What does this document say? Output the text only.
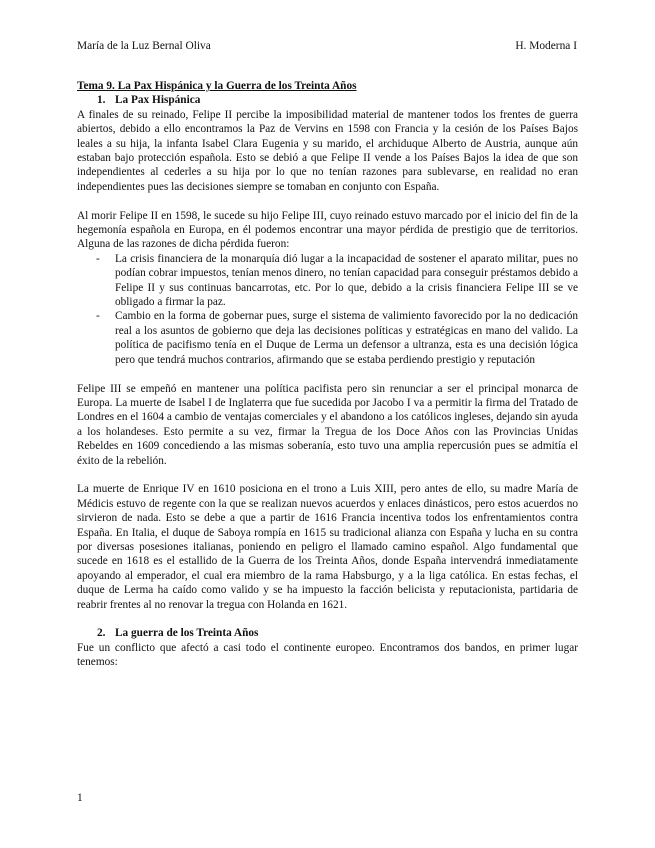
María de la Luz Bernal Oliva	H. Moderna I

Tema 9. La Pax Hispánica y la Guerra de los Treinta Años

1. La Pax Hispánica

A finales de su reinado, Felipe II percibe la imposibilidad material de mantener todos los frentes de guerra abiertos, debido a ello encontramos la Paz de Vervins en 1598 con Francia y la cesión de los Países Bajos leales a su hija, la infanta Isabel Clara Eugenia y su marido, el archiduque Alberto de Austria, aunque aún estaban bajo protección española. Esto se debió a que Felipe II vende a los Países Bajos la idea de que son independientes al cederles a su hija por lo que no tenían razones para sublevarse, en realidad no eran independientes pues las decisiones siempre se tomaban en conjunto con España.

Al morir Felipe II en 1598, le sucede su hijo Felipe III, cuyo reinado estuvo marcado por el inicio del fin de la hegemonía española en Europa, en él podemos encontrar una mayor pérdida de prestigio que de territorios. Alguna de las razones de dicha pérdida fueron:

-	La crisis financiera de la monarquía dió lugar a la incapacidad de sostener el aparato militar, pues no podían cobrar impuestos, tenían menos dinero, no tenían capacidad para conseguir préstamos debido a Felipe II y sus continuas bancarrotas, etc. Por lo que, debido a la crisis financiera Felipe III se ve obligado a firmar la paz.
-	Cambio en la forma de gobernar pues, surge el sistema de valimiento favorecido por la no dedicación real a los asuntos de gobierno que deja las decisiones políticas y estratégicas en mano del valido. La política de pacifismo tenía en el Duque de Lerma un defensor a ultranza, esta es una decisión lógica pero que tendrá muchos contrarios, afirmando que se estaba perdiendo prestigio y reputación

Felipe III se empeñó en mantener una política pacifista pero sin renunciar a ser el principal monarca de Europa. La muerte de Isabel I de Inglaterra que fue sucedida por Jacobo I va a permitir la firma del Tratado de Londres en el 1604 a cambio de ventajas comerciales y el abandono a los católicos ingleses, dejando sin ayuda a los holandeses. Esto permite a su vez, firmar la Tregua de los Doce Años con las Provincias Unidas Rebeldes en 1609 concediendo a las mismas soberanía, esto tuvo una amplia repercusión pues se admitía el éxito de la rebelión.

La muerte de Enrique IV en 1610 posiciona en el trono a Luis XIII, pero antes de ello, su madre María de Médicis estuvo de regente con la que se realizan nuevos acuerdos y enlaces dinásticos, pero estos acuerdos no sirvieron de nada. Esto se debe a que a partir de 1616 Francia incentiva todos los enfrentamientos contra España. En Italia, el duque de Saboya rompía en 1615 su tradicional alianza con España y lucha en su contra por diversas posesiones italianas, poniendo en peligro el llamado camino español. Algo fundamental que sucede en 1618 es el estallido de la Guerra de los Treinta Años, donde España intervendrá inmediatamente apoyando al emperador, el cual era miembro de la rama Habsburgo, y a la liga católica. En estas fechas, el duque de Lerma ha caído como valido y se ha impuesto la facción belicista y reputacionista, partidaria de reabrir frentes al no renovar la tregua con Holanda en 1621.

2. La guerra de los Treinta Años

Fue un conflicto que afectó a casi todo el continente europeo. Encontramos dos bandos, en primer lugar tenemos:

1
